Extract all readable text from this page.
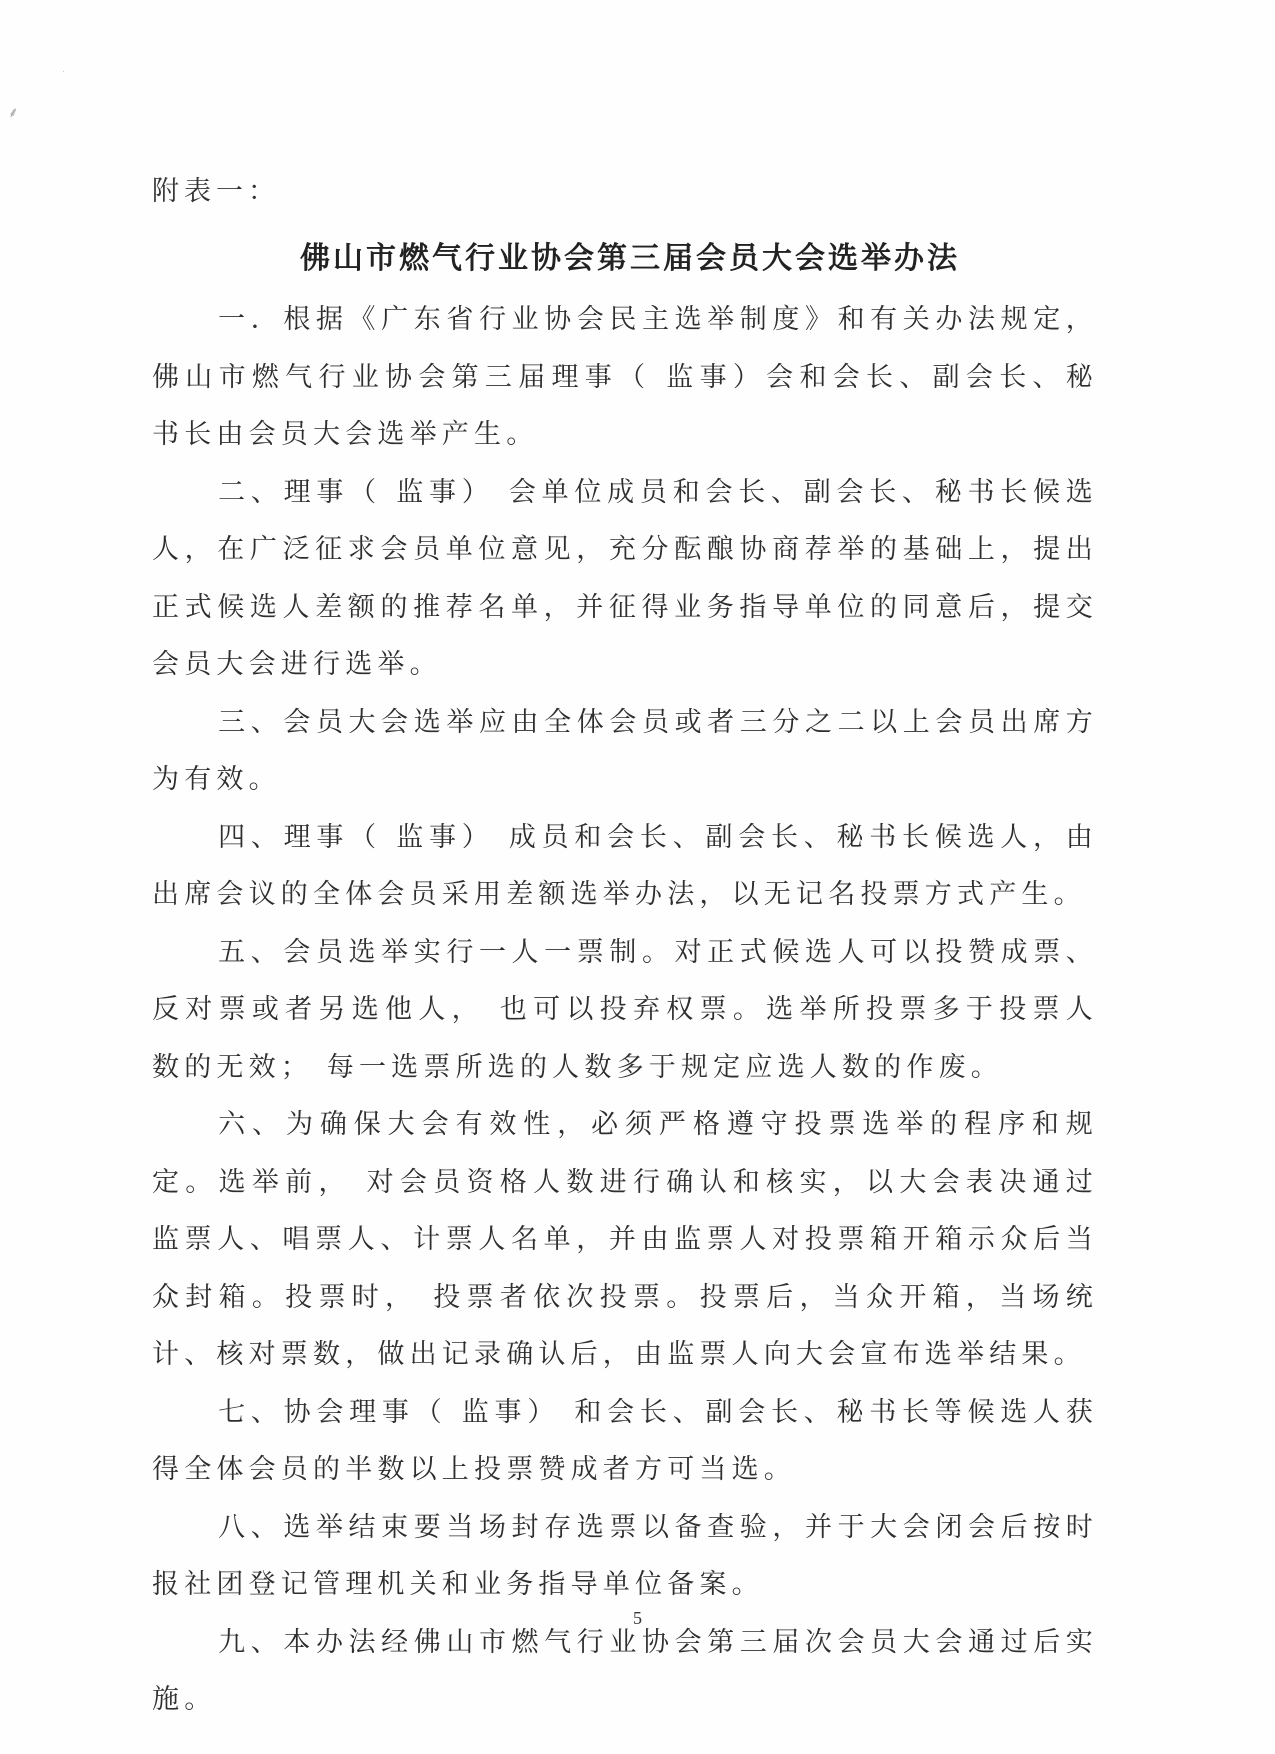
⸙
·
附表一：
佛山市燃气行业协会第三届会员大会选举办法

一．根据《广东省行业协会民主选举制度》和有关办法规定，佛山市燃气行业协会第三届理事（ 监事）会和会长、副会长、秘书长由会员大会选举产生。

二、理事（ 监事） 会单位成员和会长、副会长、秘书长候选人，在广泛征求会员单位意见，充分酝酿协商荐举的基础上，提出正式候选人差额的推荐名单，并征得业务指导单位的同意后，提交会员大会进行选举。

三、会员大会选举应由全体会员或者三分之二以上会员出席方为有效。

四、理事（ 监事） 成员和会长、副会长、秘书长候选人，由出席会议的全体会员采用差额选举办法，以无记名投票方式产生。

五、会员选举实行一人一票制。对正式候选人可以投赞成票、反对票或者另选他人， 也可以投弃权票。选举所投票多于投票人数的无效； 每一选票所选的人数多于规定应选人数的作废。

六、为确保大会有效性，必须严格遵守投票选举的程序和规定。选举前， 对会员资格人数进行确认和核实，以大会表决通过监票人、唱票人、计票人名单，并由监票人对投票箱开箱示众后当众封箱。投票时， 投票者依次投票。投票后，当众开箱，当场统计、核对票数，做出记录确认后，由监票人向大会宣布选举结果。

七、协会理事（ 监事） 和会长、副会长、秘书长等候选人获得全体会员的半数以上投票赞成者方可当选。

八、选举结束要当场封存选票以备查验，并于大会闭会后按时报社团登记管理机关和业务指导单位备案。

九、本办法经佛山市燃气行业协会第三届次会员大会通过后实施。

5
